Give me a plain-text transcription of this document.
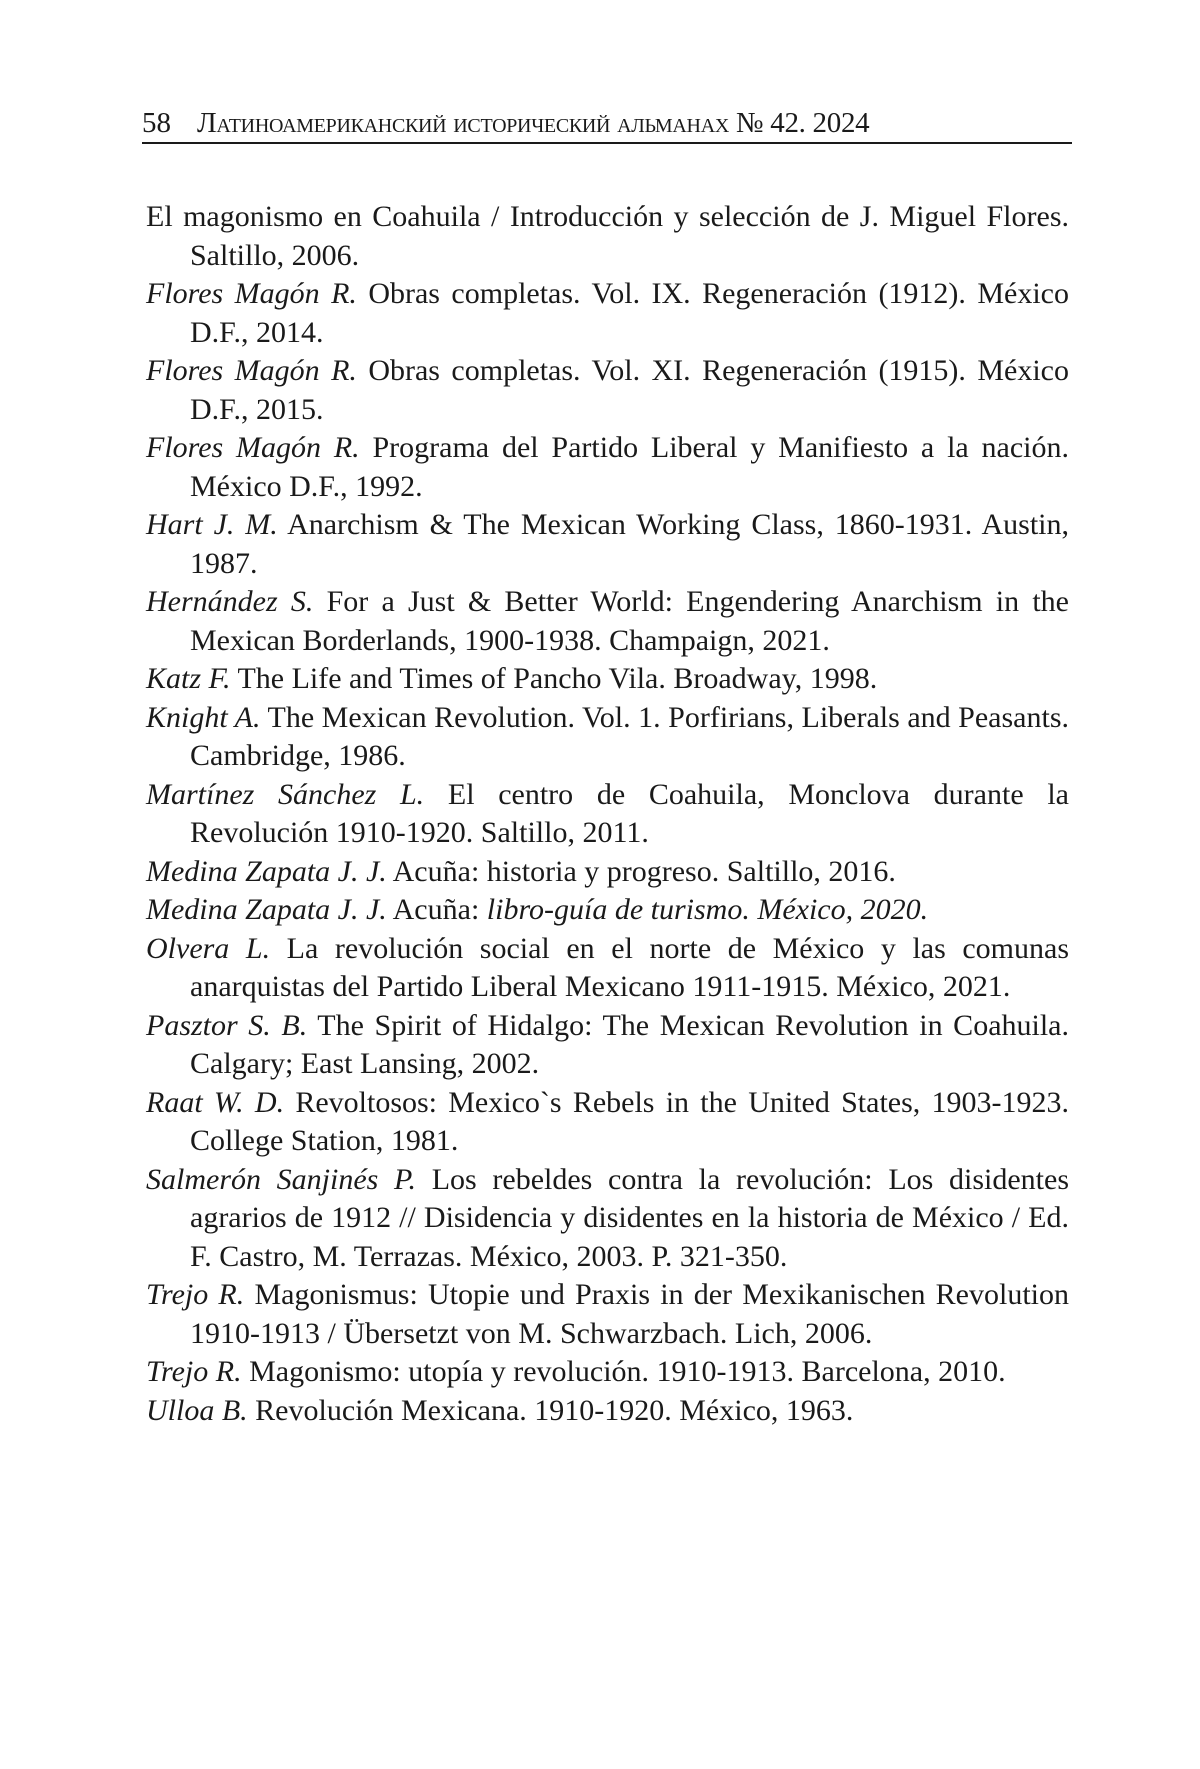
58 Латиноамериканский исторический альманах № 42. 2024
El magonismo en Coahuila / Introducción y selección de J. Miguel Flores. Saltillo, 2006.
Flores Magón R. Obras completas. Vol. IX. Regeneración (1912). México D.F., 2014.
Flores Magón R. Obras completas. Vol. XI. Regeneración (1915). México D.F., 2015.
Flores Magón R. Programa del Partido Liberal y Manifiesto a la nación. México D.F., 1992.
Hart J. M. Anarchism & The Mexican Working Class, 1860-1931. Austin, 1987.
Hernández S. For a Just & Better World: Engendering Anarchism in the Mexican Borderlands, 1900-1938. Champaign, 2021.
Katz F. The Life and Times of Pancho Vila. Broadway, 1998.
Knight A. The Mexican Revolution. Vol. 1. Porfirians, Liberals and Peasants. Cambridge, 1986.
Martínez Sánchez L. El centro de Coahuila, Monclova durante la Revolución 1910-1920. Saltillo, 2011.
Medina Zapata J. J. Acuña: historia y progreso. Saltillo, 2016.
Medina Zapata J. J. Acuña: libro-guía de turismo. México, 2020.
Olvera L. La revolución social en el norte de México y las comunas anarquistas del Partido Liberal Mexicano 1911-1915. México, 2021.
Pasztor S. B. The Spirit of Hidalgo: The Mexican Revolution in Coahuila. Calgary; East Lansing, 2002.
Raat W. D. Revoltosos: Mexico`s Rebels in the United States, 1903-1923. College Station, 1981.
Salmerón Sanjinés P. Los rebeldes contra la revolución: Los disidentes agrarios de 1912 // Disidencia y disidentes en la historia de México / Ed. F. Castro, M. Terrazas. México, 2003. P. 321-350.
Trejo R. Magonismus: Utopie und Praxis in der Mexikanischen Revolution 1910-1913 / Übersetzt von M. Schwarzbach. Lich, 2006.
Trejo R. Magonismo: utopía y revolución. 1910-1913. Barcelona, 2010.
Ulloa B. Revolución Mexicana. 1910-1920. México, 1963.
